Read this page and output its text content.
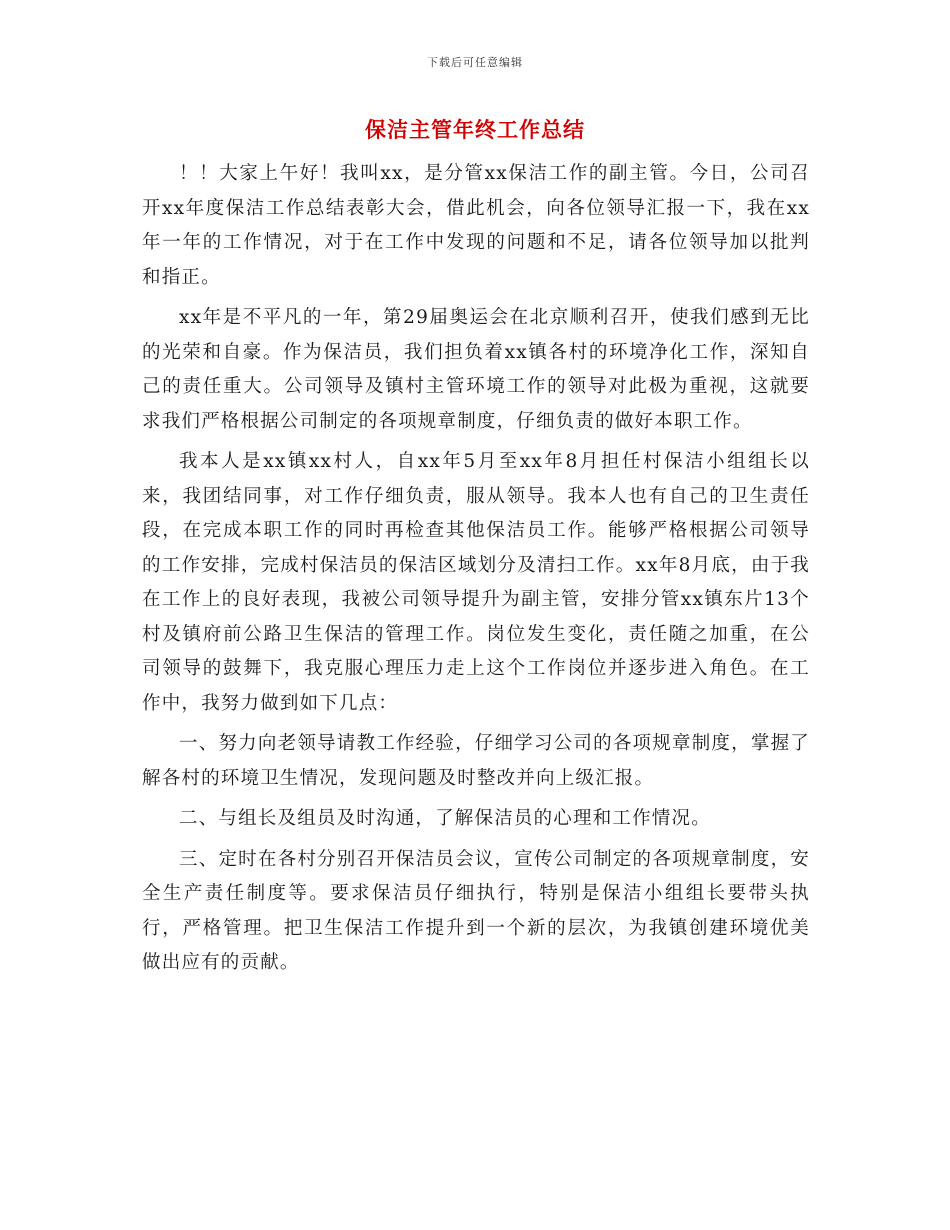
下载后可任意编辑
保洁主管年终工作总结

！！大家上午好！我叫xx，是分管xx保洁工作的副主管。今日，公司召开xx年度保洁工作总结表彰大会，借此机会，向各位领导汇报一下，我在xx年一年的工作情况，对于在工作中发现的问题和不足，请各位领导加以批判和指正。

xx年是不平凡的一年，第29届奥运会在北京顺利召开，使我们感到无比的光荣和自豪。作为保洁员，我们担负着xx镇各村的环境净化工作，深知自己的责任重大。公司领导及镇村主管环境工作的领导对此极为重视，这就要求我们严格根据公司制定的各项规章制度，仔细负责的做好本职工作。

我本人是xx镇xx村人，自xx年5月至xx年8月担任村保洁小组组长以来，我团结同事，对工作仔细负责，服从领导。我本人也有自己的卫生责任段，在完成本职工作的同时再检查其他保洁员工作。能够严格根据公司领导的工作安排，完成村保洁员的保洁区域划分及清扫工作。xx年8月底，由于我在工作上的良好表现，我被公司领导提升为副主管，安排分管xx镇东片13个村及镇府前公路卫生保洁的管理工作。岗位发生变化，责任随之加重，在公司领导的鼓舞下，我克服心理压力走上这个工作岗位并逐步进入角色。在工作中，我努力做到如下几点：

一、努力向老领导请教工作经验，仔细学习公司的各项规章制度，掌握了解各村的环境卫生情况，发现问题及时整改并向上级汇报。

二、与组长及组员及时沟通，了解保洁员的心理和工作情况。

三、定时在各村分别召开保洁员会议，宣传公司制定的各项规章制度，安全生产责任制度等。要求保洁员仔细执行，特别是保洁小组组长要带头执行，严格管理。把卫生保洁工作提升到一个新的层次，为我镇创建环境优美做出应有的贡献。
